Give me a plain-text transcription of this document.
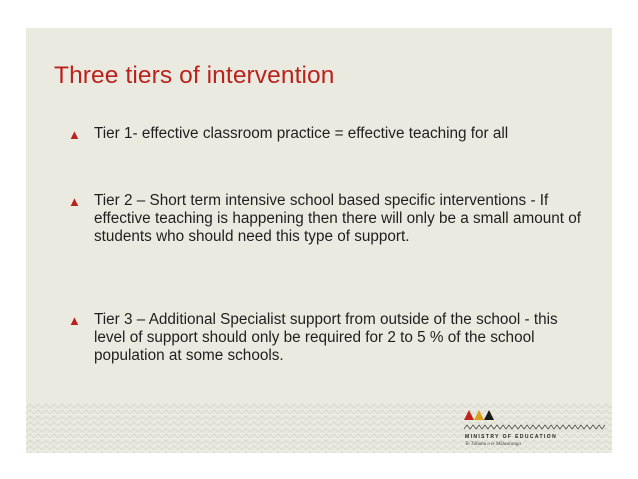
Three tiers of intervention
▲ Tier 1- effective classroom practice = effective teaching for all
▲ Tier 2 – Short term intensive school based specific interventions - If effective teaching is happening then there will only be a small amount of students who should need this type of support.
▲ Tier 3 – Additional Specialist support from outside of the school - this level of support should only be required for 2 to 5 % of the school population at some schools.
MINISTRY OF EDUCATION
Te Tāhuhu o te Mātauranga
